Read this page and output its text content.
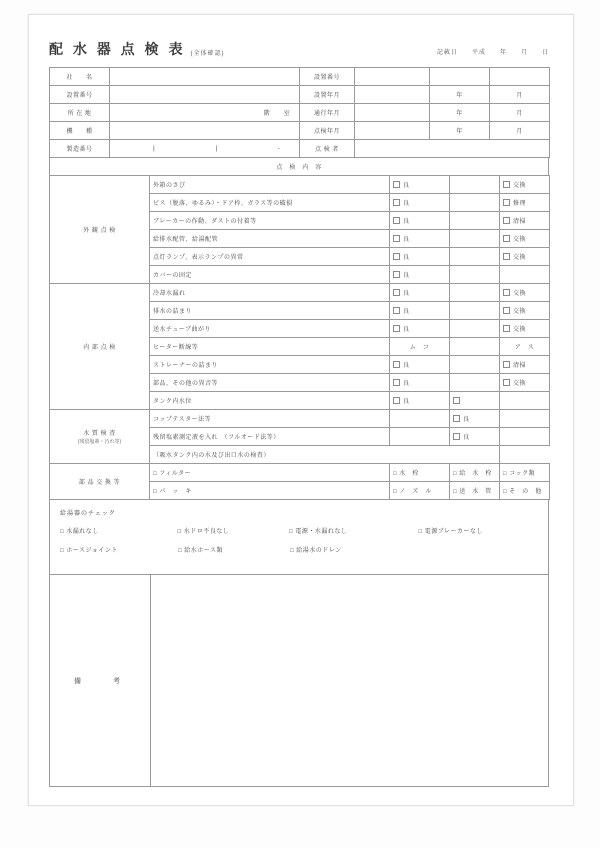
配 水 器 点 検 表 (全体確認)	記載日 平成 年 月 日
社　　名		設置番号			
設置番号		設置年月		年	月
所 在 地	階 室	通行年月		年	月
機　　種		点検年月		年	月
製造番号	| | -	点 検 者			
点　検　内　容
外 観 点 検	外箱のさび	良		交換
	ビス（脱落、ゆるみ）・ドア枠、ガラス等の破損	良		修理
	ブレーカーの作動、ダストの付着等	良		清掃
	給排水配管、給湯配管	良		交換
	点灯ランプ、表示ランプの異常	良		交換
	カバーの固定	良		
内 部 点 検	冷却水漏れ	良		交換
	排水の詰まり	良		交換
	送水チューブ曲がり	良		交換
	ヒーター断線等	ム　コ		ア　ス
	ストレーナーの詰まり	良		清掃
	部品、その他の異音等	良		交換
	タンク内水位	良		
水 質 検 査
(残留塩素・汚れ等)	コップテスター法等		良	
	残留塩素測定液を入れ　（フルオード法等）		良	
	（吸水タンク内の水及び出口水の検査）			
部 品 交 換 等	□ フィルター	□ 水　栓	□ 給　水　栓	□ コック類
	□ パ　ッ　キ	□ ノ　ズ　ル	□ 送　水　管	□ そ　の　他
給湯器のチェック
□ 水漏れなし	□ 水ドロ不良なし	□ 電源・水漏れなし	□ 電源ブレーカーなし
□ ホースジョイント	□ 給水ホース類	□ 給湯水のドレン
備　　考
